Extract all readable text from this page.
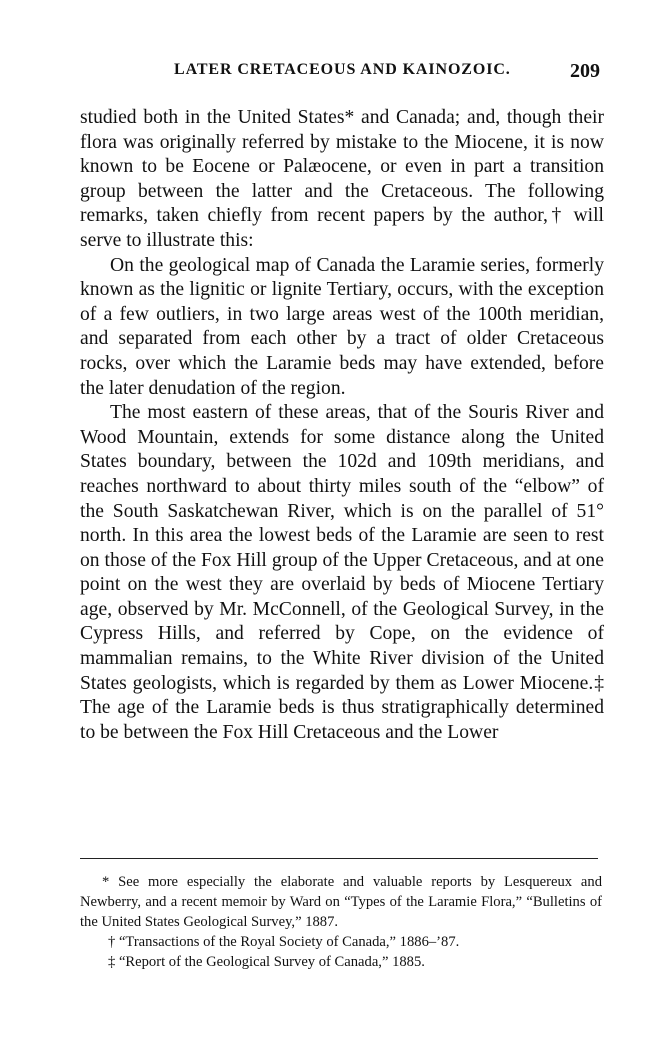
LATER CRETACEOUS AND KAINOZOIC.	209

studied both in the United States* and Canada; and, though their flora was originally referred by mistake to the Miocene, it is now known to be Eocene or Palæocene, or even in part a transition group between the latter and the Cretaceous. The following remarks, taken chiefly from recent papers by the author,† will serve to illustrate this:

On the geological map of Canada the Laramie series, formerly known as the lignitic or lignite Tertiary, occurs, with the exception of a few outliers, in two large areas west of the 100th meridian, and separated from each other by a tract of older Cretaceous rocks, over which the Laramie beds may have extended, before the later denudation of the region.

The most eastern of these areas, that of the Souris River and Wood Mountain, extends for some distance along the United States boundary, between the 102d and 109th meridians, and reaches northward to about thirty miles south of the “elbow” of the South Saskatchewan River, which is on the parallel of 51° north. In this area the lowest beds of the Laramie are seen to rest on those of the Fox Hill group of the Upper Cretaceous, and at one point on the west they are overlaid by beds of Miocene Tertiary age, observed by Mr. McConnell, of the Geological Survey, in the Cypress Hills, and referred by Cope, on the evidence of mammalian remains, to the White River division of the United States geologists, which is regarded by them as Lower Miocene.‡ The age of the Laramie beds is thus stratigraphically determined to be between the Fox Hill Cretaceous and the Lower

* See more especially the elaborate and valuable reports by Lesquereux and Newberry, and a recent memoir by Ward on “Types of the Laramie Flora,” “Bulletins of the United States Geological Survey,” 1887.

† “Transactions of the Royal Society of Canada,” 1886–’87.

‡ “Report of the Geological Survey of Canada,” 1885.
